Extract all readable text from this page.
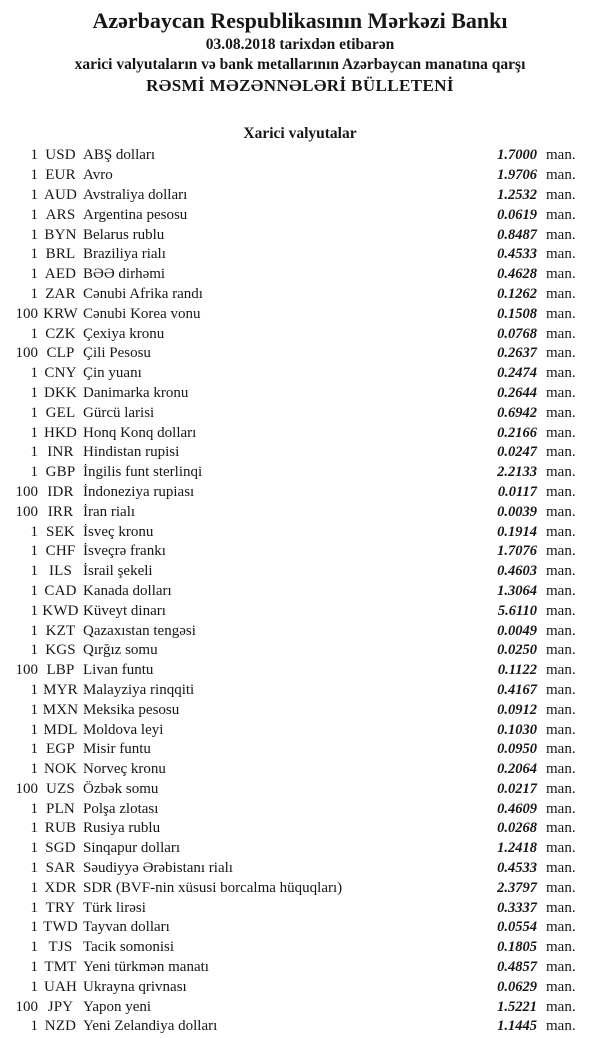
Azərbaycan Respublikasının Mərkəzi Bankı
03.08.2018 tarixdən etibarən
xarici valyutaların və bank metallarının Azərbaycan manatına qarşı
RƏSMİ MƏZƏNNƏLƏRİ BÜLLETENİ
Xarici valyutalar
1 USD ABŞ dolları	1.7000 man.
1 EUR Avro	1.9706 man.
1 AUD Avstraliya dolları	1.2532 man.
1 ARS Argentina pesosu	0.0619 man.
1 BYN Belarus rublu	0.8487 man.
1 BRL Braziliya rialı	0.4533 man.
1 AED BƏƏ dirhəmi	0.4628 man.
1 ZAR Cənubi Afrika randı	0.1262 man.
100 KRW Cənubi Korea vonu	0.1508 man.
1 CZK Çexiya kronu	0.0768 man.
100 CLP Çili Pesosu	0.2637 man.
1 CNY Çin yuanı	0.2474 man.
1 DKK Danimarka kronu	0.2644 man.
1 GEL Gürcü larisi	0.6942 man.
1 HKD Honq Konq dolları	0.2166 man.
1 INR Hindistan rupisi	0.0247 man.
1 GBP İngilis funt sterlinqi	2.2133 man.
100 IDR İndoneziya rupiası	0.0117 man.
100 IRR İran rialı	0.0039 man.
1 SEK İsveç kronu	0.1914 man.
1 CHF İsveçrə frankı	1.7076 man.
1 ILS İsrail şekeli	0.4603 man.
1 CAD Kanada dolları	1.3064 man.
1 KWD Küveyt dinarı	5.6110 man.
1 KZT Qazaxıstan tengəsi	0.0049 man.
1 KGS Qırğız somu	0.0250 man.
100 LBP Livan funtu	0.1122 man.
1 MYR Malayziya rinqqiti	0.4167 man.
1 MXN Meksika pesosu	0.0912 man.
1 MDL Moldova leyi	0.1030 man.
1 EGP Misir funtu	0.0950 man.
1 NOK Norveç kronu	0.2064 man.
100 UZS Özbək somu	0.0217 man.
1 PLN Polşa zlotası	0.4609 man.
1 RUB Rusiya rublu	0.0268 man.
1 SGD Sinqapur dolları	1.2418 man.
1 SAR Səudiyyə Ərəbistanı rialı	0.4533 man.
1 XDR SDR (BVF-nin xüsusi borcalma hüquqları)	2.3797 man.
1 TRY Türk lirəsi	0.3337 man.
1 TWD Tayvan dolları	0.0554 man.
1 TJS Tacik somonisi	0.1805 man.
1 TMT Yeni türkmən manatı	0.4857 man.
1 UAH Ukrayna qrivnası	0.0629 man.
100 JPY Yapon yeni	1.5221 man.
1 NZD Yeni Zelandiya dolları	1.1445 man.
